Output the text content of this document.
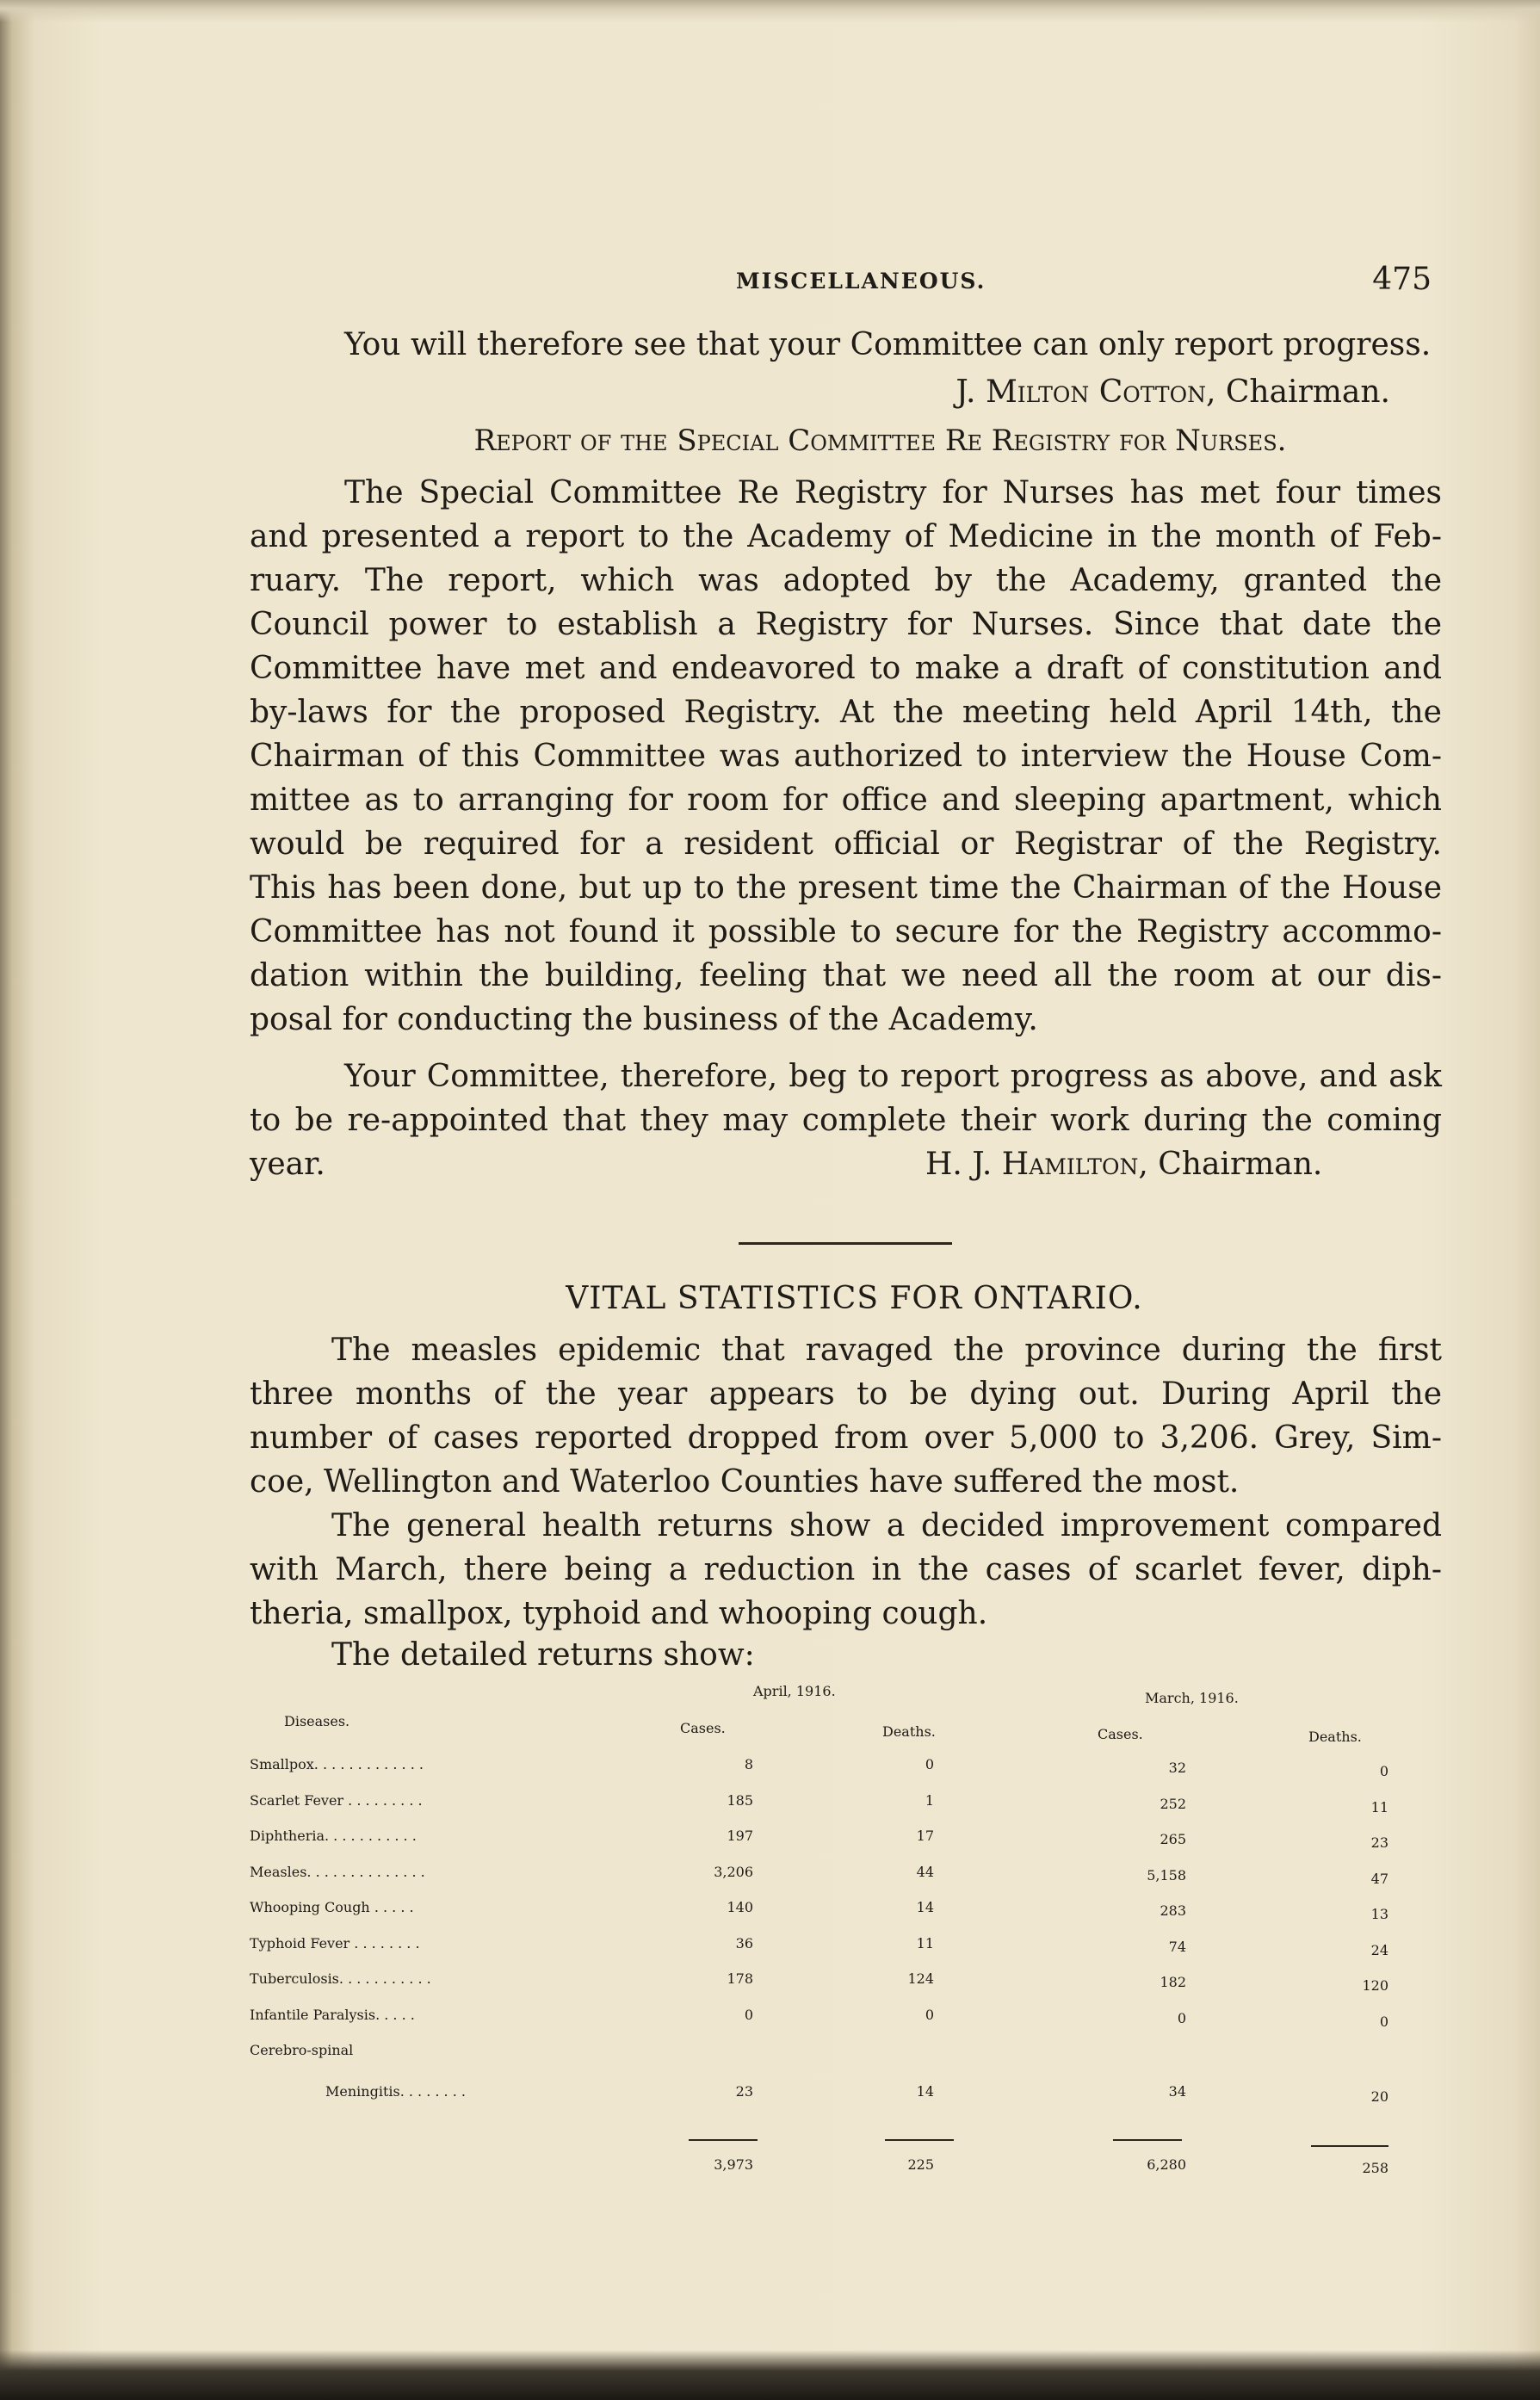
MISCELLANEOUS.	475
You will therefore see that your Committee can only report progress.
J. Milton Cotton, Chairman.
Report of the Special Committee Re Registry for Nurses.
The Special Committee Re Registry for Nurses has met four times
and presented a report to the Academy of Medicine in the month of Feb-
ruary. The report, which was adopted by the Academy, granted the
Council power to establish a Registry for Nurses. Since that date the
Committee have met and endeavored to make a draft of constitution and
by-laws for the proposed Registry. At the meeting held April 14th, the
Chairman of this Committee was authorized to interview the House Com-
mittee as to arranging for room for office and sleeping apartment, which
would be required for a resident official or Registrar of the Registry.
This has been done, but up to the present time the Chairman of the House
Committee has not found it possible to secure for the Registry accommo-
dation within the building, feeling that we need all the room at our dis-
posal for conducting the business of the Academy.
Your Committee, therefore, beg to report progress as above, and ask
to be re-appointed that they may complete their work during the coming
year.	H. J. Hamilton, Chairman.
VITAL STATISTICS FOR ONTARIO.
The measles epidemic that ravaged the province during the first
three months of the year appears to be dying out. During April the
number of cases reported dropped from over 5,000 to 3,206. Grey, Sim-
coe, Wellington and Waterloo Counties have suffered the most.
The general health returns show a decided improvement compared
with March, there being a reduction in the cases of scarlet fever, diph-
theria, smallpox, typhoid and whooping cough.
The detailed returns show:
April, 1916.	March, 1916.
Diseases.	Cases.	Deaths.	Cases.	Deaths.
Smallpox. . . . . . . . . . . . .	8	0	32	0
Scarlet Fever . . . . . . . . .	185	1	252	11
Diphtheria. . . . . . . . . . .	197	17	265	23
Measles. . . . . . . . . . . . . .	3,206	44	5,158	47
Whooping Cough . . . . .	140	14	283	13
Typhoid Fever . . . . . . . .	36	11	74	24
Tuberculosis. . . . . . . . . . .	178	124	182	120
Infantile Paralysis. . . . .	0	0	0	0
Cerebro-spinal
Meningitis. . . . . . . .	23	14	34	20
3,973	225	6,280	258
